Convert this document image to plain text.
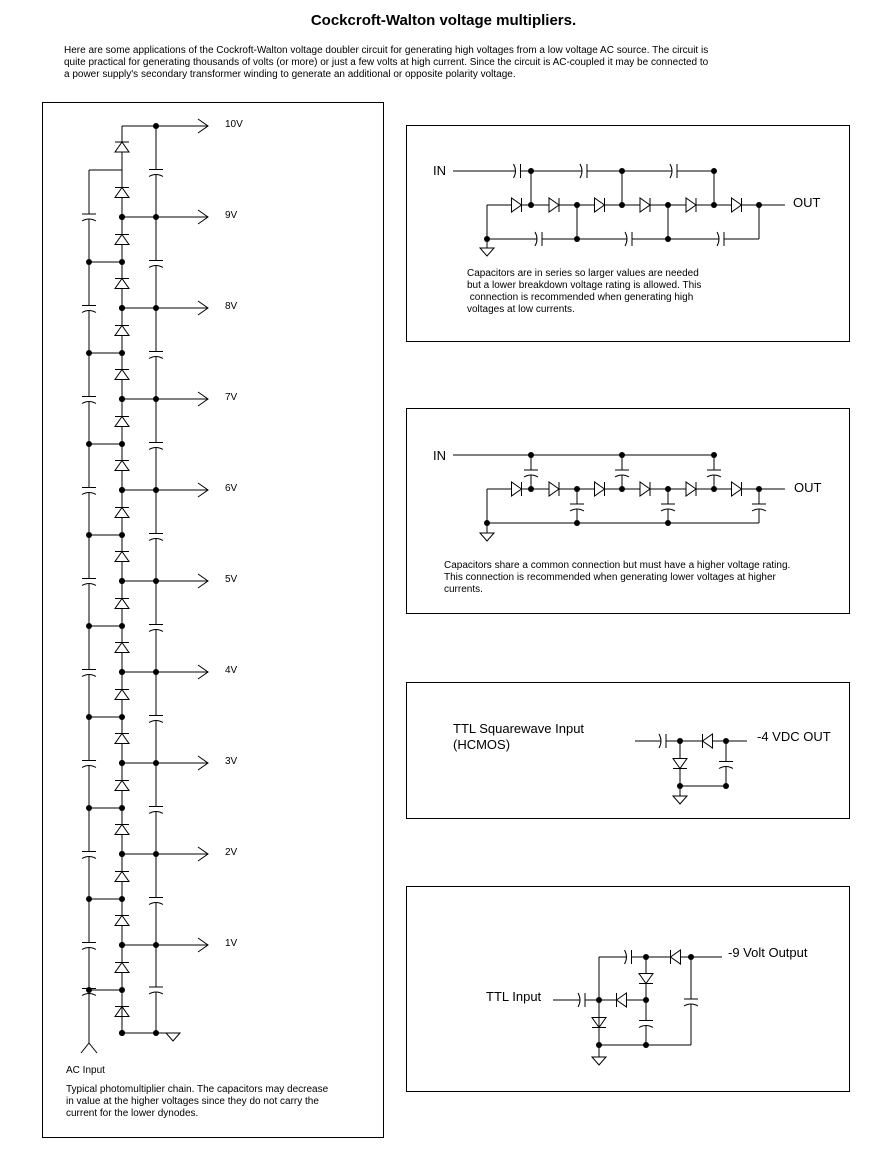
Cockcroft-Walton voltage multipliers.
Here are some applications of the Cockroft-Walton voltage doubler circuit for generating high voltages from a low voltage AC source. The circuit is
quite practical for generating thousands of volts (or more) or just a few volts at high current. Since the circuit is AC-coupled it may be connected to
a power supply's secondary transformer winding to generate an additional or opposite polarity voltage.
10V
9V
8V
7V
6V
5V
4V
3V
2V
1V
AC Input
Typical photomultiplier chain. The capacitors may decrease
in value at the higher voltages since they do not carry the
current for the lower dynodes.
IN
OUT
Capacitors are in series so larger values are needed
but a lower breakdown voltage rating is allowed. This
connection is recommended when generating high
voltages at low currents.
IN
OUT
Capacitors share a common connection but must have a higher voltage rating.
This connection is recommended when generating lower voltages at higher
currents.
TTL Squarewave Input
(HCMOS)
-4 VDC OUT
TTL Input
-9 Volt Output
